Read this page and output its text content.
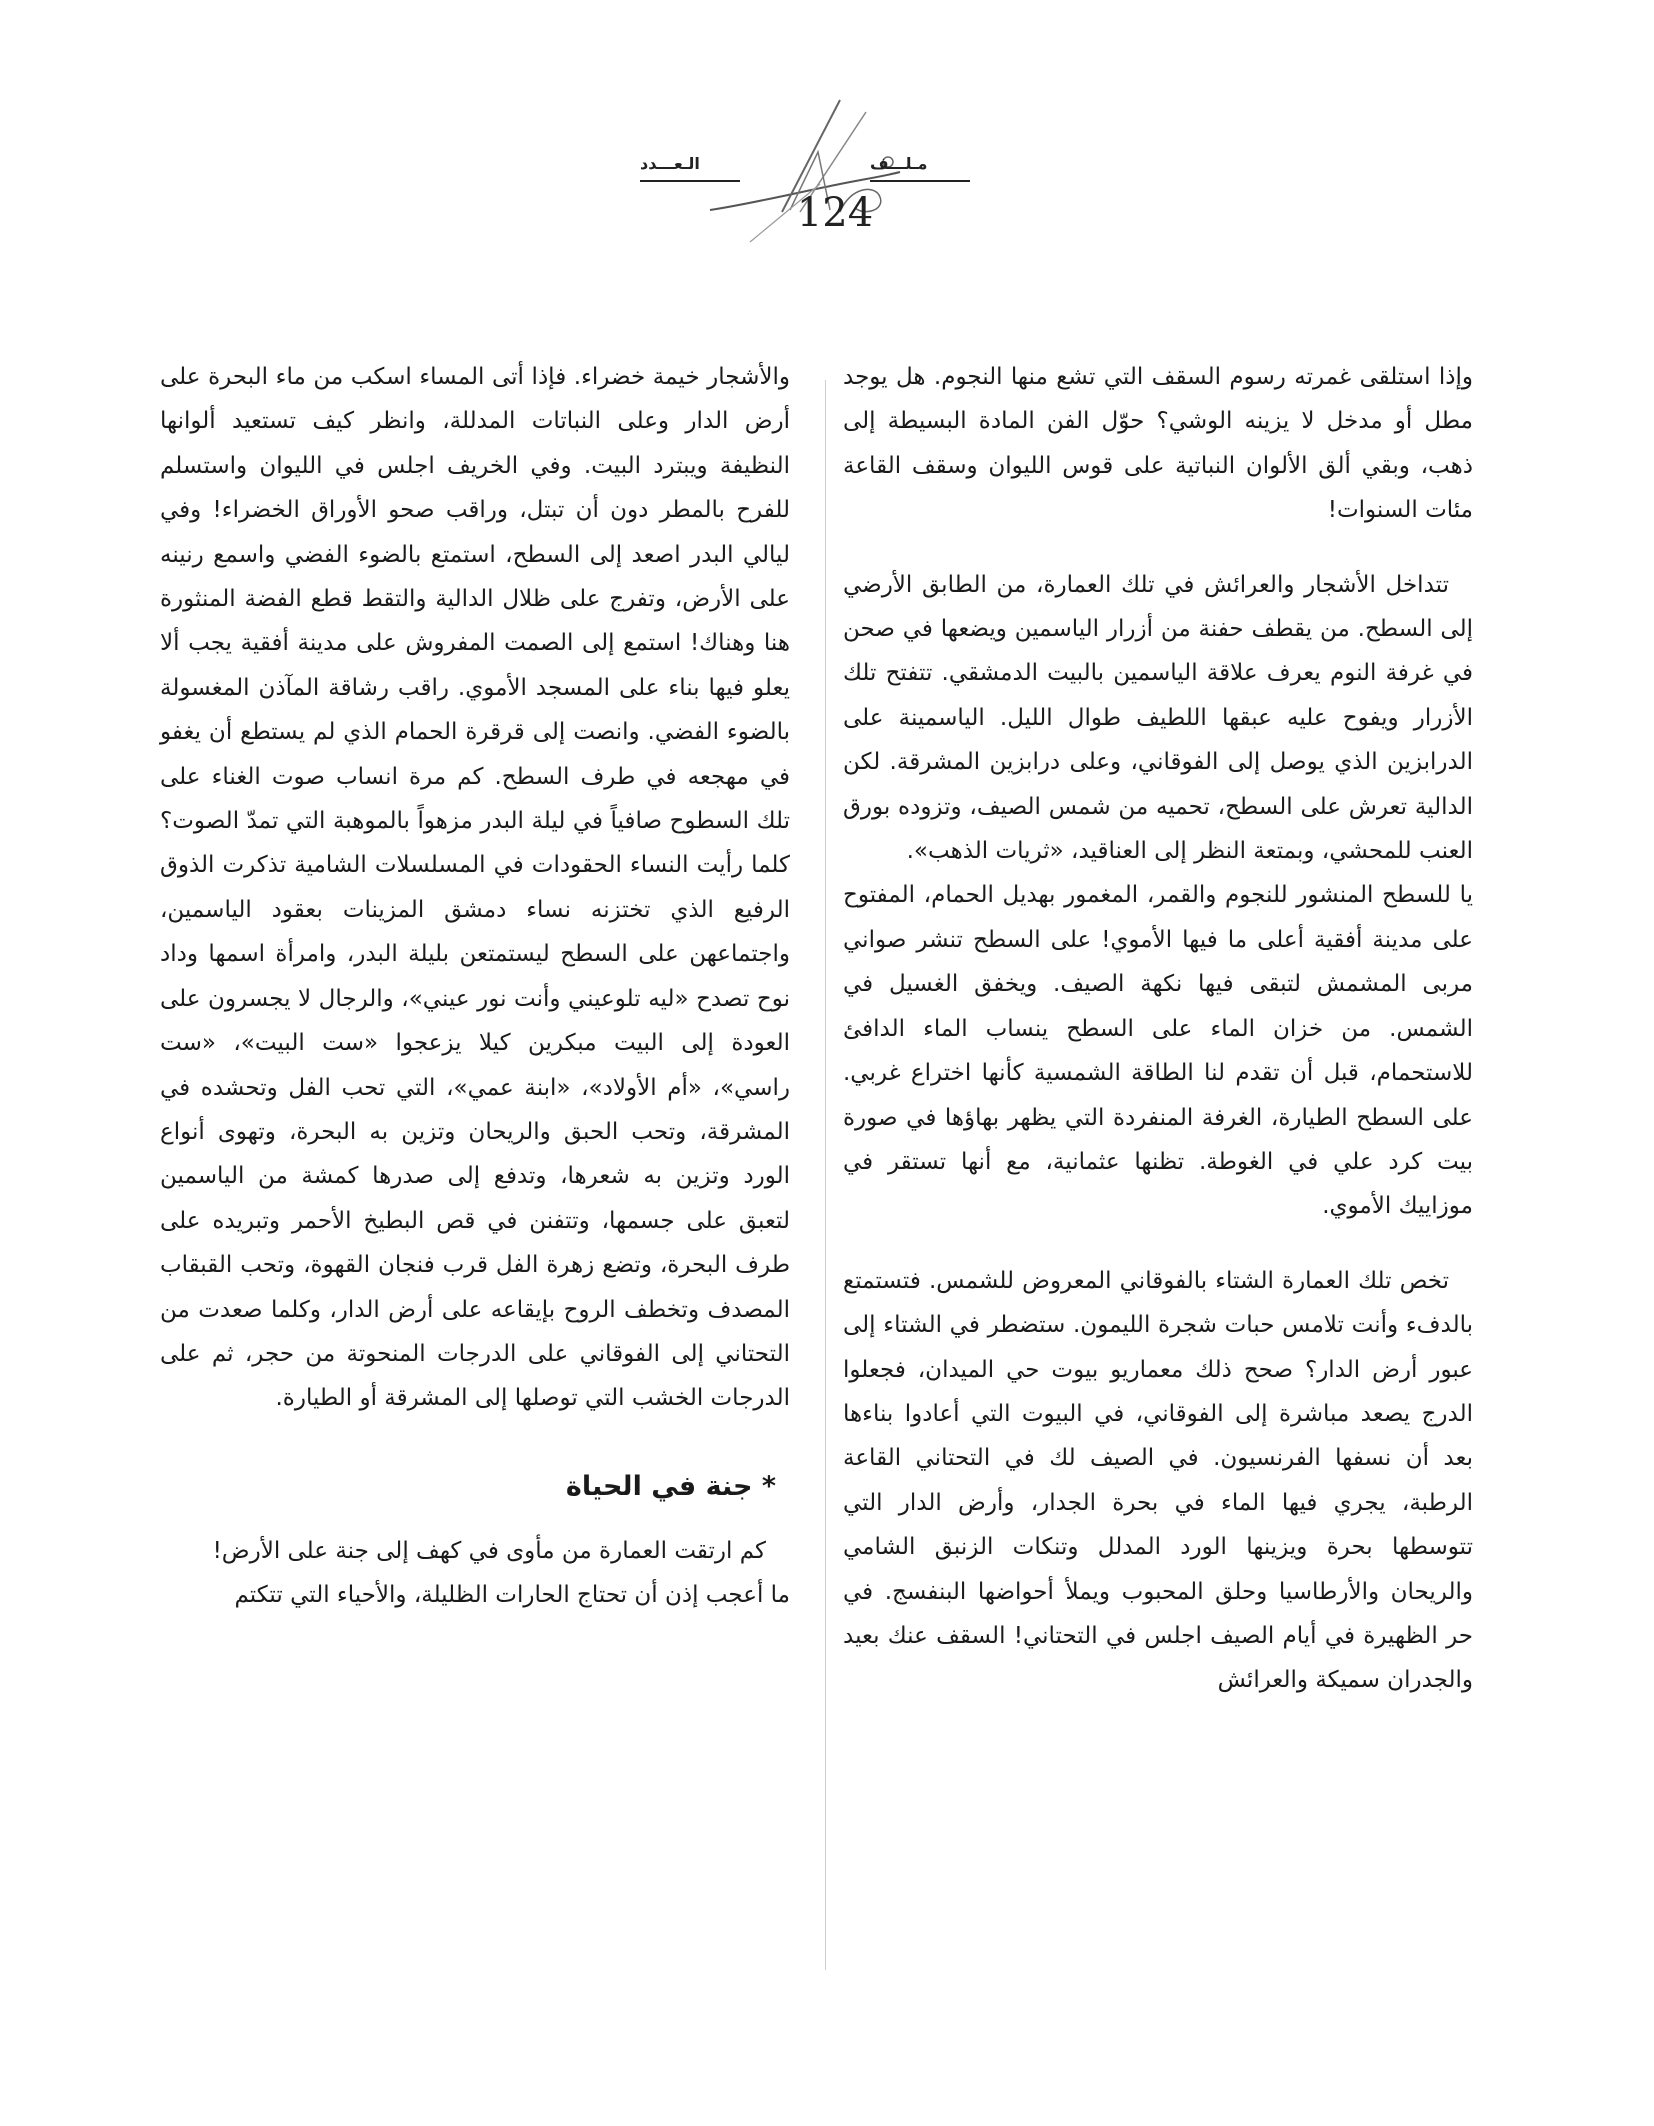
مـلـــف
الـعـــدد
124

وإذا استلقى غمرته رسوم السقف التي تشع منها النجوم. هل يوجد مطل أو مدخل لا يزينه الوشي؟ حوّل الفن المادة البسيطة إلى ذهب، وبقي ألق الألوان النباتية على قوس الليوان وسقف القاعة مئات السنوات!

تتداخل الأشجار والعرائش في تلك العمارة، من الطابق الأرضي إلى السطح. من يقطف حفنة من أزرار الياسمين ويضعها في صحن في غرفة النوم يعرف علاقة الياسمين بالبيت الدمشقي. تتفتح تلك الأزرار ويفوح عليه عبقها اللطيف طوال الليل. الياسمينة على الدرابزين الذي يوصل إلى الفوقاني، وعلى درابزين المشرقة. لكن الدالية تعرش على السطح، تحميه من شمس الصيف، وتزوده بورق العنب للمحشي، وبمتعة النظر إلى العناقيد، «ثريات الذهب».

يا للسطح المنشور للنجوم والقمر، المغمور بهديل الحمام، المفتوح على مدينة أفقية أعلى ما فيها الأموي! على السطح تنشر صواني مربى المشمش لتبقى فيها نكهة الصيف. ويخفق الغسيل في الشمس. من خزان الماء على السطح ينساب الماء الدافئ للاستحمام، قبل أن تقدم لنا الطاقة الشمسية كأنها اختراع غربي. على السطح الطيارة، الغرفة المنفردة التي يظهر بهاؤها في صورة بيت كرد علي في الغوطة. تظنها عثمانية، مع أنها تستقر في موزاييك الأموي.

تخص تلك العمارة الشتاء بالفوقاني المعروض للشمس. فتستمتع بالدفء وأنت تلامس حبات شجرة الليمون. ستضطر في الشتاء إلى عبور أرض الدار؟ صحح ذلك معماريو بيوت حي الميدان، فجعلوا الدرج يصعد مباشرة إلى الفوقاني، في البيوت التي أعادوا بناءها بعد أن نسفها الفرنسيون. في الصيف لك في التحتاني القاعة الرطبة، يجري فيها الماء في بحرة الجدار، وأرض الدار التي تتوسطها بحرة ويزينها الورد المدلل وتنكات الزنبق الشامي والريحان والأرطاسيا وحلق المحبوب ويملأ أحواضها البنفسج. في حر الظهيرة في أيام الصيف اجلس في التحتاني! السقف عنك بعيد والجدران سميكة والعرائش

والأشجار خيمة خضراء. فإذا أتى المساء اسكب من ماء البحرة على أرض الدار وعلى النباتات المدللة، وانظر كيف تستعيد ألوانها النظيفة ويبترد البيت. وفي الخريف اجلس في الليوان واستسلم للفرح بالمطر دون أن تبتل، وراقب صحو الأوراق الخضراء! وفي ليالي البدر اصعد إلى السطح، استمتع بالضوء الفضي واسمع رنينه على الأرض، وتفرج على ظلال الدالية والتقط قطع الفضة المنثورة هنا وهناك! استمع إلى الصمت المفروش على مدينة أفقية يجب ألا يعلو فيها بناء على المسجد الأموي. راقب رشاقة المآذن المغسولة بالضوء الفضي. وانصت إلى قرقرة الحمام الذي لم يستطع أن يغفو في مهجعه في طرف السطح. كم مرة انساب صوت الغناء على تلك السطوح صافياً في ليلة البدر مزهواً بالموهبة التي تمدّ الصوت؟ كلما رأيت النساء الحقودات في المسلسلات الشامية تذكرت الذوق الرفيع الذي تختزنه نساء دمشق المزينات بعقود الياسمين، واجتماعهن على السطح ليستمتعن بليلة البدر، وامرأة اسمها وداد نوح تصدح «ليه تلوعيني وأنت نور عيني»، والرجال لا يجسرون على العودة إلى البيت مبكرين كيلا يزعجوا «ست البيت»، «ست راسي»، «أم الأولاد»، «ابنة عمي»، التي تحب الفل وتحشده في المشرقة، وتحب الحبق والريحان وتزين به البحرة، وتهوى أنواع الورد وتزين به شعرها، وتدفع إلى صدرها كمشة من الياسمين لتعبق على جسمها، وتتفنن في قص البطيخ الأحمر وتبريده على طرف البحرة، وتضع زهرة الفل قرب فنجان القهوة، وتحب القبقاب المصدف وتخطف الروح بإيقاعه على أرض الدار، وكلما صعدت من التحتاني إلى الفوقاني على الدرجات المنحوتة من حجر، ثم على الدرجات الخشب التي توصلها إلى المشرقة أو الطيارة.

* جنة في الحياة

كم ارتقت العمارة من مأوى في كهف إلى جنة على الأرض!

ما أعجب إذن أن تحتاج الحارات الظليلة، والأحياء التي تتكتم
